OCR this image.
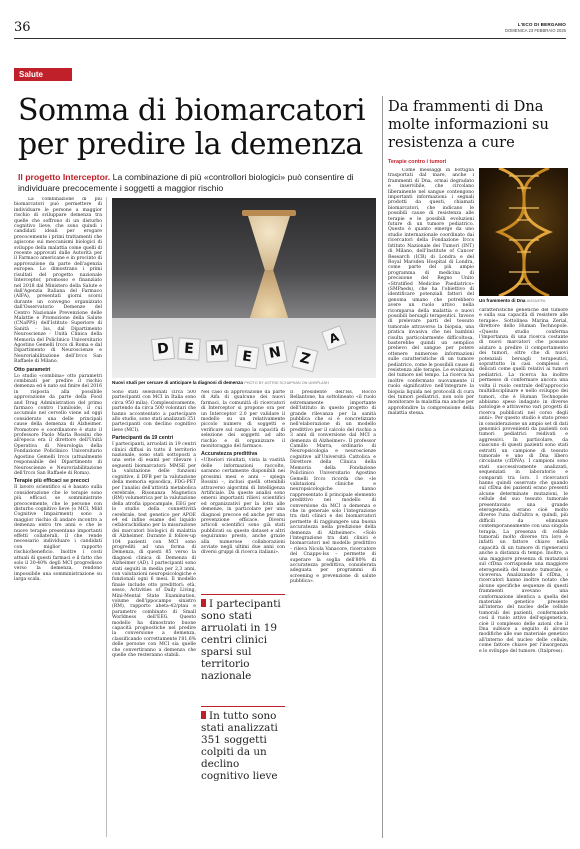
36	L'ECO DI BERGAMO
DOMENICA 23 FEBBRAIO 2025
Salute
Somma di biomarcatori
per predire la demenza
Il progetto Interceptor. La combinazione di più «controllori biologici» può consentire di individuare precocemente i soggetti a maggior rischio

La combinazione di più biomarcatori può permettere di individuare le persone a maggior rischio di sviluppare demenza tra quelle che soffrono di un disturbo cognitivo lieve, che sono quindi i candidati ideali per erogare precocemente i primi trattamenti che agiscono sui meccanismi biologici di sviluppo della malattia come quelli di recente approvati dalle Autorità per il Farmaco americane e in procinto di approvazione da parte dell'agenzia europea. Lo dimostrano i primi risultati del progetto nazionale Interceptor, promosso e finanziato nel 2018 dal Ministero della Salute e dall'Agenzia Italiana del Farmaco (AIFA), presentati giorni scorsi durante un convegno organizzato dall'Osservatorio Demenze del Centro Nazionale Prevenzione delle Malattie e Promozione della Salute (CNaPPS) dell'Istituto Superiore di Sanità - Iss, dal Dipartimento Neuroscienze - Unità Clinica della Memoria del Policlinico Universitario Agostino Gemelli Irccs di Roma e dal Dipartimento di Neuroscienze e Neuroriabilitazione dell'Irccs San Raffaele di Milano.

Otto parametri

Lo studio «combina» otto parametri combinati per predire il rischio demenza ed è nato sul finire del 2016 in risposta alla possibile approvazione da parte della Food and Drug Administration del primo farmaco contro l'amiloide, il cui accumulo nel cervello viene ad oggi considerato una delle principali cause della demenza di Alzheimer. Promotore e coordinatore è stato il professore Paolo Maria Rossini che all'epoca era il direttore dell'Unità Operativa di Neurologia della Fondazione Policlinico Universitario Agostino Gemelli Irccs (attualmente responsabile del Dipartimento di Neuroscienze e Neuroriabilitazione dell'Irccs San Raffaele di Roma).

Terapie più efficaci se precoci

Il lavoro scientifico si è basato sulla considerazione che le terapie sono più efficaci se somministrate precocemente, che le persone con disturbo cognitivo lieve (o MCI, Mild Cognitive Impairment) sono a maggior rischio di andare incontro a demenza entro tre anni e che le nuove terapie presentano importanti effetti collaterali, il che rende necessario individuare i candidati con miglior rapporto rischio/beneficio. Inoltre i costi attuali di questi farmaci e il fatto che solo il 30-40% degli MCI progredisce verso la demenza, rendono impossibile una somministrazione su larga scala.

D	E	M	E	N	Z
A
Nuovi studi per cercare di anticipare la diagnosi di demenza PHOTO BY ASTRID SCHAPHAN ON UNSPLASH

Sono stati selezionati circa 500 partecipanti con MCI in Italia sono circa 950 mila). Complessivamente, partendo da circa 500 volontari che hanno accontentato a partecipare allo studio, sono stati analizzati 351 partecipanti con declino cognitivo lieve (MCI).

Partecipanti da 19 centri

I partecipanti, arruolati in 19 centri clinici diffusi in tutto il territorio nazionale, sono stati sottoposti a una serie di esami per rilevare i seguenti biomarcatori: MMSE per la valutazione delle funzioni cognitive, il DFB per la valutazione della memoria episodica, FDG-PET per l'analisi dell'attività metabolica cerebrale, Risonanza Magnetica (RM) volumetrica per la valutazione della atrofia ippocampale, EEG per lo studio della connettività cerebrale, test genetico per APOE e4 ed infine esame del liquido cefalorachidiano per la misurazione dei marcatori biologici di malattia di Alzheimer. Durante il follow-up 104 pazienti con MCI sono progrediti ad una forma di Demenza, di questi 85 verso la diagnosi clinica di Demenza di Alzheimer (AD). I partecipanti sono stati seguiti in media per 2,3 anni, con valutazioni neuropsicologiche e funzionali ogni 6 mesi. Il modello finale include otto predittori: età, sesso, Activities of Daily Living, Mini-Mental State Examination, volume dell'ippocampo sinistro (RM), rapporto abeta-42/ptau e parametro combinato di Small Worldness dell'EEG. Questo modello ha dimostrato buone capacità prognostiche nel predire la conversione a demenza, classificando correttamente l'81,6% delle persone con MCI sia quelle che convertiranno a demenza che quelle che resteranno stabili.

Nel caso di approvazione da parte di Aifa di qualcuno dei nuovi farmaci, la comunità di ricercatori di Interceptor si propone ora per un Interceptor 2.0 per validare il modello su un relativamente piccolo numero di soggetti e verificare sul campo la capacità di selezione dei soggetti ad alto rischio e di organizzare il monitoraggio del farmaco.

Accuratezza predittiva

«Ulteriori risultati, vista la vastità delle informazioni raccolte, saranno certamente disponibili nei prossimi mesi e anni – spiega Rossini –, inclusi quelli ottenibili attraverso algoritmi di Intelligenza Artificiale. Da queste analisi sono emersi importanti rilievi scientifici ed organizzativi per la lotta alle demenze, in particolare per una diagnosi precoce ed anche per una prevenzione efficace. Diversi articoli scientifici sono già stati pubblicati su questo dataset e altri seguiranno presto, anche grazie alla numerose collaborazioni avviate negli ultimi due anni con diversi gruppi di ricerca italiani».

I partecipanti sono stati arruolati in 19 centri clinici sparsi sul territorio nazionale
In tutto sono stati analizzati 351 soggetti colpiti da un declino cognitivo lieve

Il presidente dell'Iss, Rocco Bellantone, ha sottolineato «il ruolo estremamente importante dell'Istituto in questo progetto di grande rilevanza per la sanità pubblica che si è concretizzato nell'elaborazione di un modello predittivo per il calcolo del rischio a 3 anni di conversione dal MCI a demenza di Alzheimer». Il professor Camillo Marra, ordinario di Neuropsicologia e neuroscienze cognitive all'Università Cattolica e Direttore della Clinica della Memoria della Fondazione Policlinico Universitario Agostino Gemelli Irccs ricorda che «le valutazioni cliniche e neuropsicologiche hanno rappresentato il principale elemento predittivo nel modello di conversione da MCI a demenza e che in generale solo l'integrazione tra dati clinici e dei biomarcatori permette di raggiungere una buona accuratezza nella predizione della demenza di Alzheimer». «Solo l'integrazione tra dati clinici e biomarcatori nel modello predittivo – rileva Nicola Vanacore, ricercatore del Cnapps-Iss – permette di superare la soglia dell'80% di accuratezza predittiva, considerata adeguata per programmi di screening e prevenzione di salute pubblica».

Da frammenti di Dna molte informazioni su resistenza a cure
Terapie contro i tumori

Come messaggi in bottiglia trasportati dal mare, anche i frammenti di Dna, ormai degradato e inservibile, che circolano liberamente nel sangue contengono importanti informazioni: i segnali prodotti da questi, chiamati biomarcatori, che indicano le possibili cause di resistenza alle terapie e le possibili evoluzioni future di un tumore pediatrico. Questo è quanto emerge da uno studio internazionale coordinato dai ricercatori della Fondazione Irccs Istituto Nazionale dei Tumori (INT) di Milano, dell'Institute of Cancer Research (ICR) di Londra e del Royal Marsden Hospital di Londra, come parte del più ampio programma di medicina di precisione del Regno Unito «Stratified Medicine Paediatrics» (SMPaeds), che ha l'obiettivo di identificare potenziali fattori del genoma umano che potrebbero avere un ruolo attivo nella ricomparsa della malattia e nuovi possibili bersagli terapeutici. Invece di prelevare parti del tessuto tumorale attraverso la biopsia, una pratica invasiva che nei bambini risulta particolarmente difficoltosa, basterebbe quindi un semplice prelievo del sangue per potere ottenere numerose informazioni sulle caratteristiche di un tumore pediatrico, come le possibili cause di resistenza alle terapie. Le evoluzioni del tumore nel tempo. La ricerca ha inoltre confermato nuovamente il ruolo significativo nell'integrare la biopsia liquida nei protocolli di cura dei tumori pediatrici, non solo per monitorare la malattia ma anche per approfondire la comprensione della malattia stessa.

Un frammento di Dna ANSA/EPA

caratteristiche genetiche del tumore e sulla sua capacità di resistere alle terapie». Sottolinea Marina Zerial, direttore dello Human Technopole. «Questo studio conferma l'importanza di una ricerca costante di nuovi marcatori che possano aiutare a predire il comportamento dei tumori, oltre che di nuovi potenziali bersagli terapeutici, soprattutto in casi complessi e delicati come quelli relativi ai tumori pediatrici. La ricerca ha inoltre permesso di confermare ancora una volta il ruolo centrale dell'approccio multidisciplinare e nello sviluppo dei tumori, che è Human Technopole abbiamo speso indagato in diverse patologie e attraverso vari progetti di ricerca pubblicati nel corso degli anni». Per questo studio è stato preso in considerazione un ampio set di dati genomici provenienti da pazienti con tumori pediatrici reidivati e aggressivi. In particolare, da ciascuno di questi pazienti sono stati estratti un campione di tessuto tumorale e uno di Dna libero circolante (cfDNA). I campioni sono stati successivamente analizzati, sequenziati in laboratorio e comparati tra loro. I ricercatori hanno quindi osservato che quando sul cfDna dei pazienti erano presenti alcune determinate mutazioni, le cellule del suo tessuto tumorale presentavano una grande eterogeneità, erano cioè molto diverse l'una dall'altra e, quindi, più difficili da eliminare contemporaneamente con una singola terapia. La presenza di cellule tumorali molto diverse tra loro è infatti un fattore chiave nella capacità di un tumore di rigenerarsi anche a distanza di tempo. Inoltre, a una maggiore presenza di mutazioni sul cfDna corrisponde una maggiore eterogeneità del tessuto tumorale, e viceversa. Analizzando il cfDna, i ricercatori hanno inoltre notato che alcune specifiche sequenze di questi frammenti avevano una conformazione identica a quella del materiale genetico presente all'interno del nucleo delle cellule tumorali dei pazienti, confermando così il ruolo attivo dell'epigenetica, cioè il complesso delle azioni che il Dna subisce a seguito di alcune modifiche alle sue materiale genetico all'interno del nucleo delle cellule, come fattore chiave per l'insorgenza e lo sviluppo del tumore. (Italpress).
